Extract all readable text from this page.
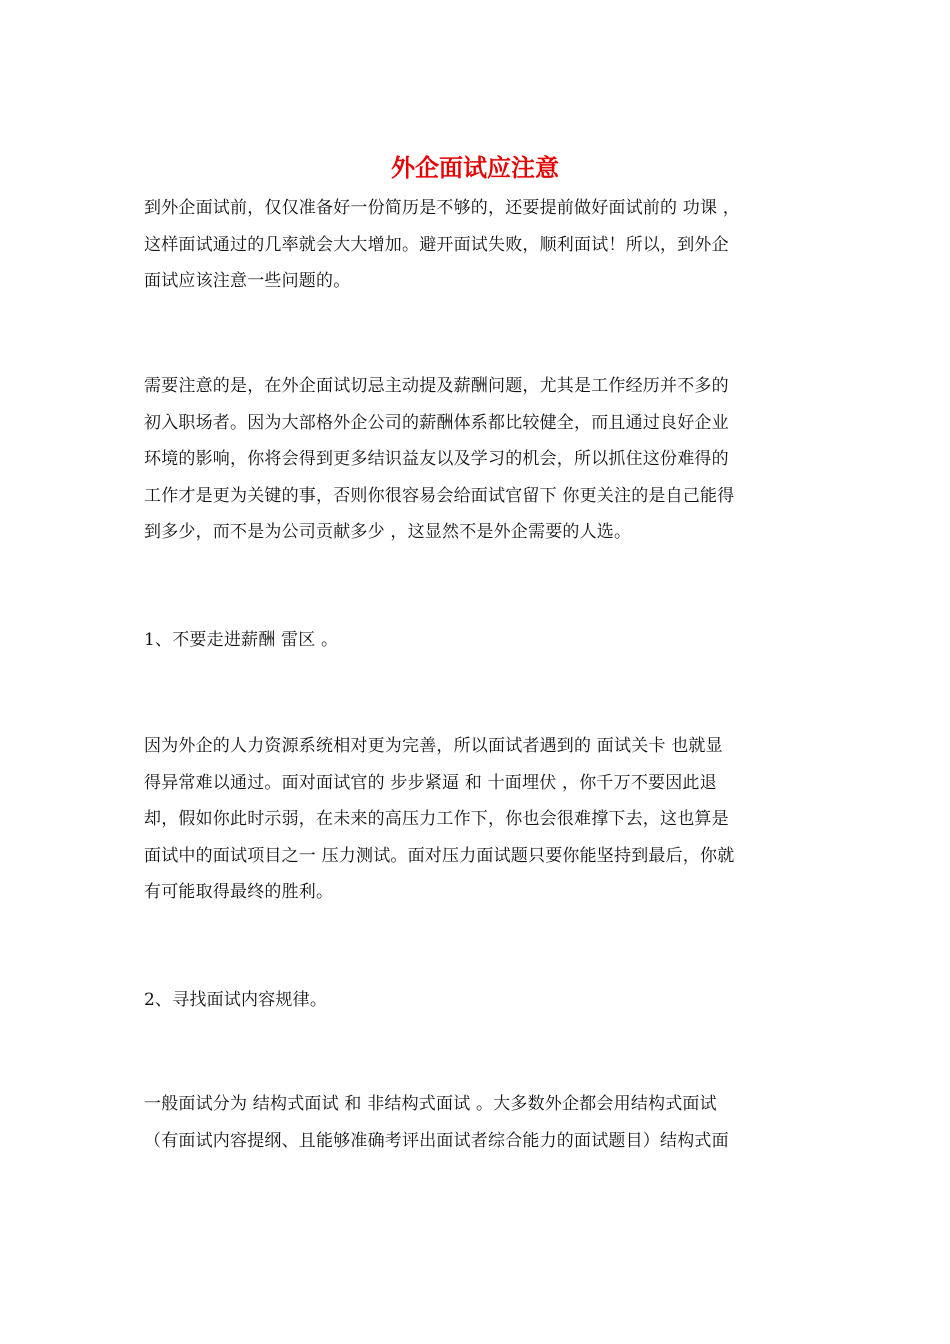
外企面试应注意

到外企面试前，仅仅准备好一份简历是不够的，还要提前做好面试前的 功课 ，
这样面试通过的几率就会大大增加。避开面试失败，顺利面试！所以，到外企
面试应该注意一些问题的。

需要注意的是，在外企面试切忌主动提及薪酬问题，尤其是工作经历并不多的
初入职场者。因为大部格外企公司的薪酬体系都比较健全，而且通过良好企业
环境的影响，你将会得到更多结识益友以及学习的机会，所以抓住这份难得的
工作才是更为关键的事，否则你很容易会给面试官留下 你更关注的是自己能得
到多少，而不是为公司贡献多少 ，这显然不是外企需要的人选。

1、不要走进薪酬 雷区 。

因为外企的人力资源系统相对更为完善，所以面试者遇到的 面试关卡 也就显
得异常难以通过。面对面试官的 步步紧逼 和 十面埋伏 ，你千万不要因此退
却，假如你此时示弱，在未来的高压力工作下，你也会很难撑下去，这也算是
面试中的面试项目之一 压力测试。面对压力面试题只要你能坚持到最后，你就
有可能取得最终的胜利。

2、寻找面试内容规律。

一般面试分为 结构式面试 和 非结构式面试 。大多数外企都会用结构式面试
（有面试内容提纲、且能够准确考评出面试者综合能力的面试题目）结构式面
